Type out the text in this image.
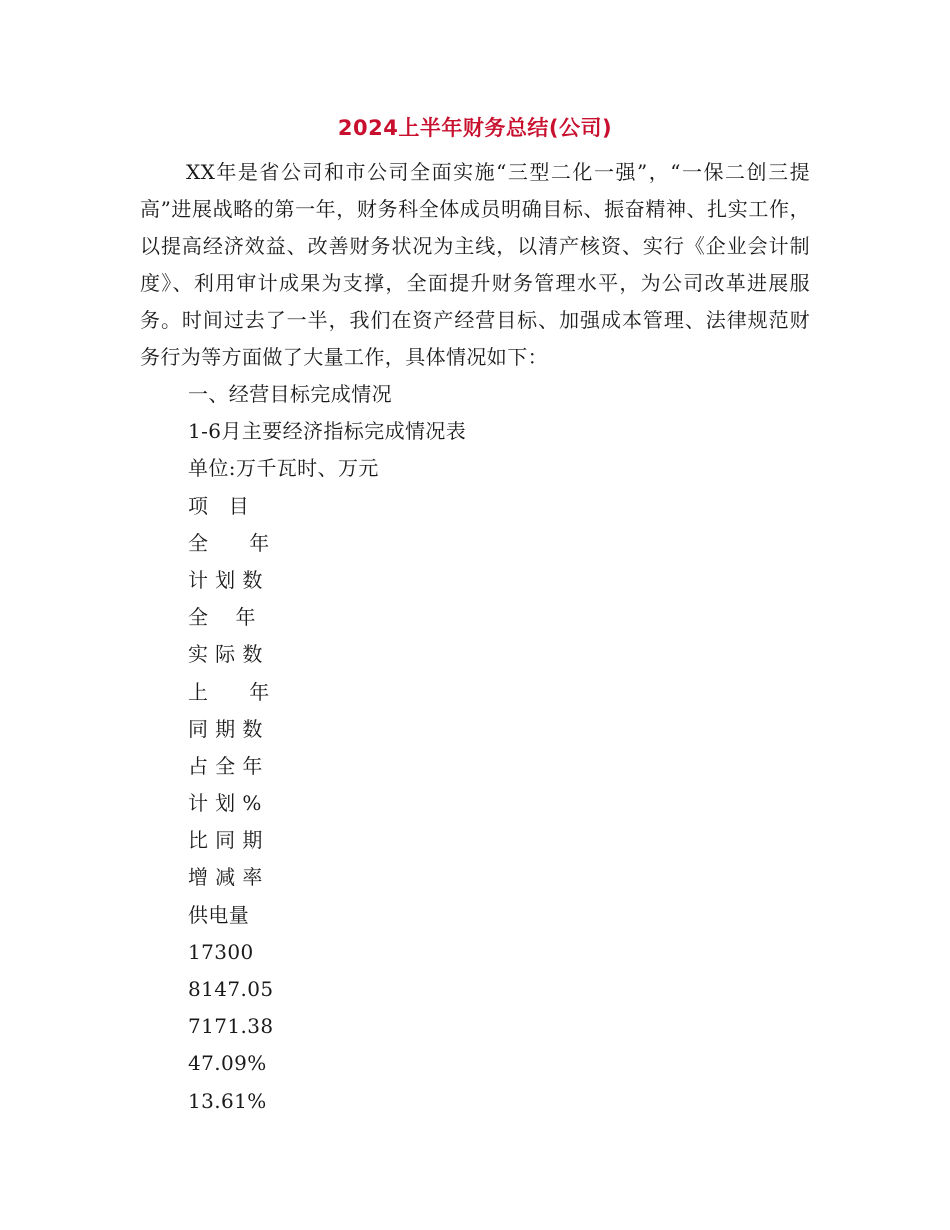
2024上半年财务总结(公司)

XX年是省公司和市公司全面实施“三型二化一强”，“一保二创三提高”进展战略的第一年，财务科全体成员明确目标、振奋精神、扎实工作，以提高经济效益、改善财务状况为主线，以清产核资、实行《企业会计制度》、利用审计成果为支撑，全面提升财务管理水平，为公司改革进展服务。时间过去了一半，我们在资产经营目标、加强成本管理、法律规范财务行为等方面做了大量工作，具体情况如下：

一、经营目标完成情况
1-6月主要经济指标完成情况表
单位:万千瓦时、万元
项　目
全　　年
计 划 数
全　 年
实 际 数
上　　年
同 期 数
占 全 年
计 划 %
比 同 期
增 减 率
供电量
17300
8147.05
7171.38
47.09%
13.61%
